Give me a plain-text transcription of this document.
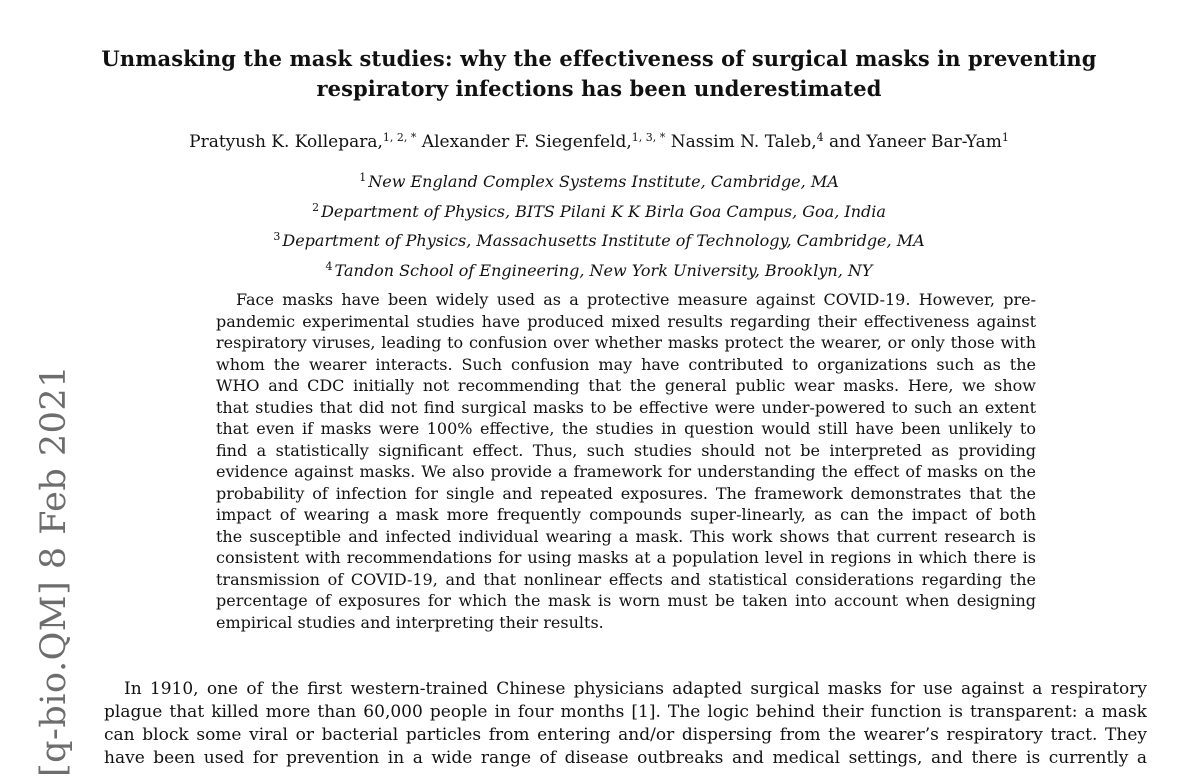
Unmasking the mask studies: why the effectiveness of surgical masks in preventing
respiratory infections has been underestimated
Pratyush K. Kollepara,$^{1, 2, *}$ Alexander F. Siegenfeld,$^{1, 3, *}$ Nassim N. Taleb,$^4$ and Yaneer Bar-Yam$^1$
$^1$ New England Complex Systems Institute, Cambridge, MA
$^2$ Department of Physics, BITS Pilani K K Birla Goa Campus, Goa, India
$^3$ Department of Physics, Massachusetts Institute of Technology, Cambridge, MA
$^4$ Tandon School of Engineering, New York University, Brooklyn, NY
Face masks have been widely used as a protective measure against COVID-19. However, pre-
pandemic experimental studies have produced mixed results regarding their effectiveness against
respiratory viruses, leading to confusion over whether masks protect the wearer, or only those with
whom the wearer interacts. Such confusion may have contributed to organizations such as the
WHO and CDC initially not recommending that the general public wear masks. Here, we show
that studies that did not find surgical masks to be effective were under-powered to such an extent
that even if masks were 100% effective, the studies in question would still have been unlikely to
find a statistically significant effect. Thus, such studies should not be interpreted as providing
evidence against masks. We also provide a framework for understanding the effect of masks on the
probability of infection for single and repeated exposures. The framework demonstrates that the
impact of wearing a mask more frequently compounds super-linearly, as can the impact of both
the susceptible and infected individual wearing a mask. This work shows that current research is
consistent with recommendations for using masks at a population level in regions in which there is
transmission of COVID-19, and that nonlinear effects and statistical considerations regarding the
percentage of exposures for which the mask is worn must be taken into account when designing
empirical studies and interpreting their results.
[q-bio.QM] 8 Feb 2021	In 1910, one of the first western-trained Chinese physicians adapted surgical masks for use against a respiratory
plague that killed more than 60,000 people in four months [1]. The logic behind their function is transparent: a mask
can block some viral or bacterial particles from entering and/or dispersing from the wearer’s respiratory tract. They
have been used for prevention in a wide range of disease outbreaks and medical settings, and there is currently a
